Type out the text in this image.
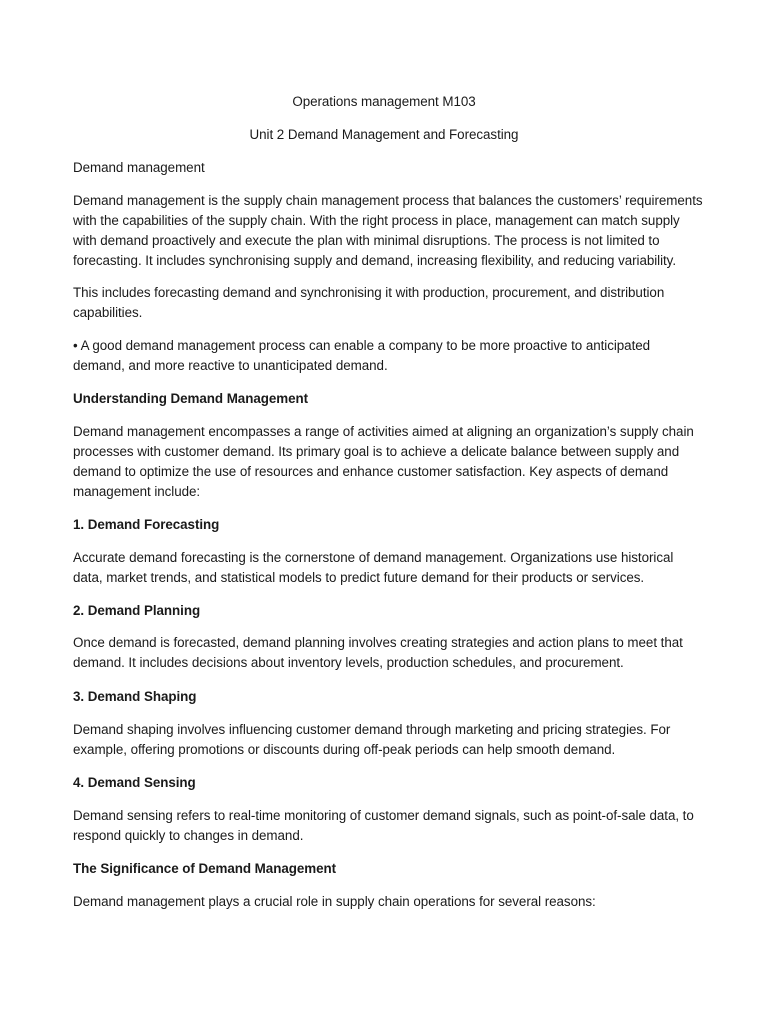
Operations management M103
Unit 2 Demand Management and Forecasting
Demand management
Demand management is the supply chain management process that balances the customers’ requirements
with the capabilities of the supply chain. With the right process in place, management can match supply
with demand proactively and execute the plan with minimal disruptions. The process is not limited to
forecasting. It includes synchronising supply and demand, increasing flexibility, and reducing variability.
This includes forecasting demand and synchronising it with production, procurement, and distribution
capabilities.
• A good demand management process can enable a company to be more proactive to anticipated
demand, and more reactive to unanticipated demand.
Understanding Demand Management
Demand management encompasses a range of activities aimed at aligning an organization’s supply chain
processes with customer demand. Its primary goal is to achieve a delicate balance between supply and
demand to optimize the use of resources and enhance customer satisfaction. Key aspects of demand
management include:
1. Demand Forecasting
Accurate demand forecasting is the cornerstone of demand management. Organizations use historical
data, market trends, and statistical models to predict future demand for their products or services.
2. Demand Planning
Once demand is forecasted, demand planning involves creating strategies and action plans to meet that
demand. It includes decisions about inventory levels, production schedules, and procurement.
3. Demand Shaping
Demand shaping involves influencing customer demand through marketing and pricing strategies. For
example, offering promotions or discounts during off-peak periods can help smooth demand.
4. Demand Sensing
Demand sensing refers to real-time monitoring of customer demand signals, such as point-of-sale data, to
respond quickly to changes in demand.
The Significance of Demand Management
Demand management plays a crucial role in supply chain operations for several reasons:
